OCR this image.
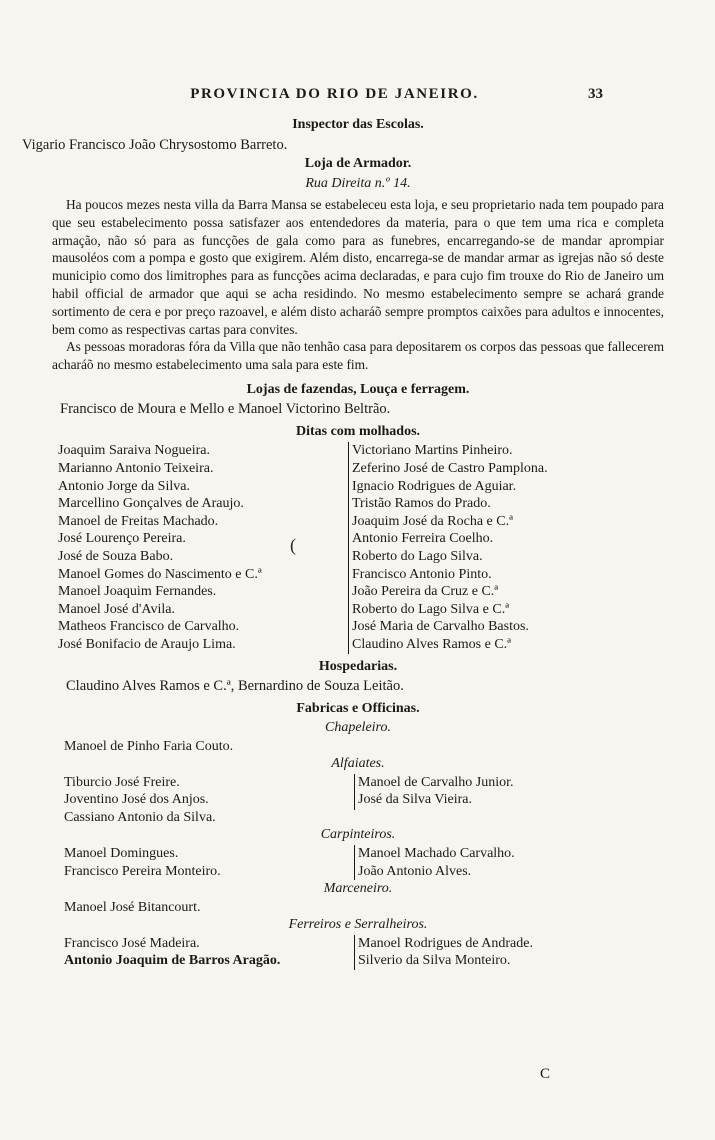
PROVINCIA DO RIO DE JANEIRO.	33
Inspector das Escolas.
Vigario Francisco João Chrysostomo Barreto.
Loja de Armador.
Rua Direita n.º 14.

Ha poucos mezes nesta villa da Barra Mansa se estabeleceu esta loja, e seu proprietario nada tem poupado para que seu estabelecimento possa satisfazer aos entendedores da materia, para o que tem uma rica e completa armação, não só para as funcções de gala como para as funebres, encarregando-se de mandar aprompiar mausoléos com a pompa e gosto que exigirem. Além disto, encarrega-se de mandar armar as igrejas não só deste municipio como dos limitrophes para as funcções acima declaradas, e para cujo fim trouxe do Rio de Janeiro um habil official de armador que aqui se acha residindo. No mesmo estabelecimento sempre se achará grande sortimento de cera e por preço razoavel, e além disto acharáõ sempre promptos caixões para adultos e innocentes, bem como as respectivas cartas para convites.

As pessoas moradoras fóra da Villa que não tenhão casa para depositarem os corpos das pessoas que fallecerem acharáõ no mesmo estabelecimento uma sala para este fim.

Lojas de fazendas, Louça e ferragem.
Francisco de Moura e Mello e Manoel Victorino Beltrão.
Ditas com molhados.
Joaquim Saraiva Nogueira.
Marianno Antonio Teixeira.
Antonio Jorge da Silva.
Marcellino Gonçalves de Araujo.
Manoel de Freitas Machado.
José Lourenço Pereira.
José de Souza Babo.
Manoel Gomes do Nascimento e C.ª
Manoel Joaquim Fernandes.
Manoel José d'Avila.
Matheos Francisco de Carvalho.
José Bonifacio de Araujo Lima.
Victoriano Martins Pinheiro.
Zeferino José de Castro Pamplona.
Ignacio Rodrigues de Aguiar.
Tristão Ramos do Prado.
Joaquim José da Rocha e C.ª
Antonio Ferreira Coelho.
Roberto do Lago Silva.
Francisco Antonio Pinto.
João Pereira da Cruz e C.ª
Roberto do Lago Silva e C.ª
José Maria de Carvalho Bastos.
Claudino Alves Ramos e C.ª
Hospedarias.
Claudino Alves Ramos e C.ª, Bernardino de Souza Leitão.
Fabricas e Officinas.
Chapeleiro.
Manoel de Pinho Faria Couto.
Alfaiates.
Tiburcio José Freire.
Joventino José dos Anjos.
Cassiano Antonio da Silva.
Manoel de Carvalho Junior.
José da Silva Vieira.
Carpinteiros.
Manoel Domingues.
Francisco Pereira Monteiro.
Manoel Machado Carvalho.
João Antonio Alves.
Marceneiro.
Manoel José Bitancourt.
Ferreiros e Serralheiros.
Francisco José Madeira.
Antonio Joaquim de Barros Aragão.
Manoel Rodrigues de Andrade.
Silverio da Silva Monteiro.
(
C
